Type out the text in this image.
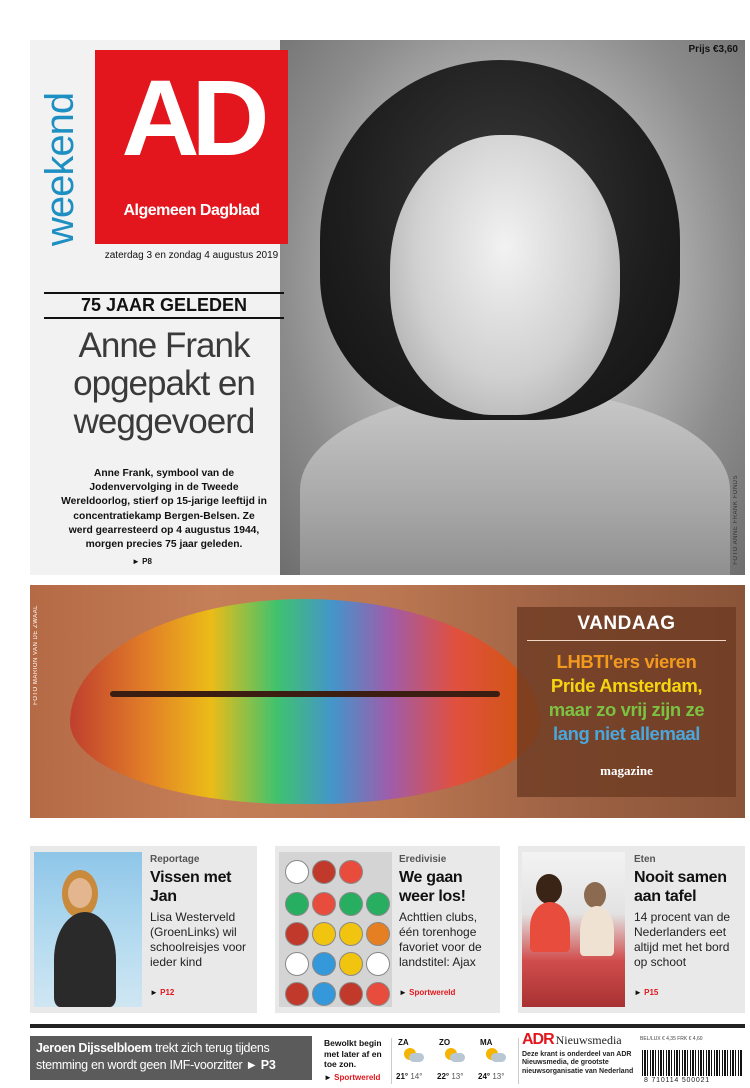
FOTO ANNE FRANK FONDS
weekend AD
Algemeen Dagblad
Prijs €3,60
zaterdag 3 en zondag 4 augustus 2019
75 JAAR GELEDEN
Anne Frank opgepakt en weggevoerd
Anne Frank, symbool van de Jodenvervolging in de Tweede Wereldoorlog, stierf op 15-jarige leeftijd in concentratiekamp Bergen-Belsen. Ze werd gearresteerd op 4 augustus 1944, morgen precies 75 jaar geleden.
► P8
FOTO MARION VAN DE ZWAAL	VANDAAG
LHBTI'ers vieren
Pride Amsterdam,
maar zo vrij zijn ze
lang niet allemaal
magazine
Reportage
Vissen met Jan
Lisa Westerveld (GroenLinks) wil schoolreisjes voor ieder kind
► P12
Eredivisie
We gaan weer los!
Achttien clubs, één torenhoge favoriet voor de landstitel: Ajax
► Sportwereld
Eten
Nooit samen aan tafel
14 procent van de Nederlanders eet altijd met het bord op schoot
► P15
Jeroen Dijsselbloem trekt zich terug tijdens stemming en wordt geen IMF-voorzitter ► P3
Bewolkt begin met later af en toe zon.
► Sportwereld
ZA
21° 14°
ZO
22° 13°
MA
24° 13°
ADR Nieuwsmedia
Deze krant is onderdeel van ADR Nieuwsmedia, de grootste nieuwsorganisatie van Nederland
BEL/LUX € 4,35 FRK € 4,60
8 710114 500021
